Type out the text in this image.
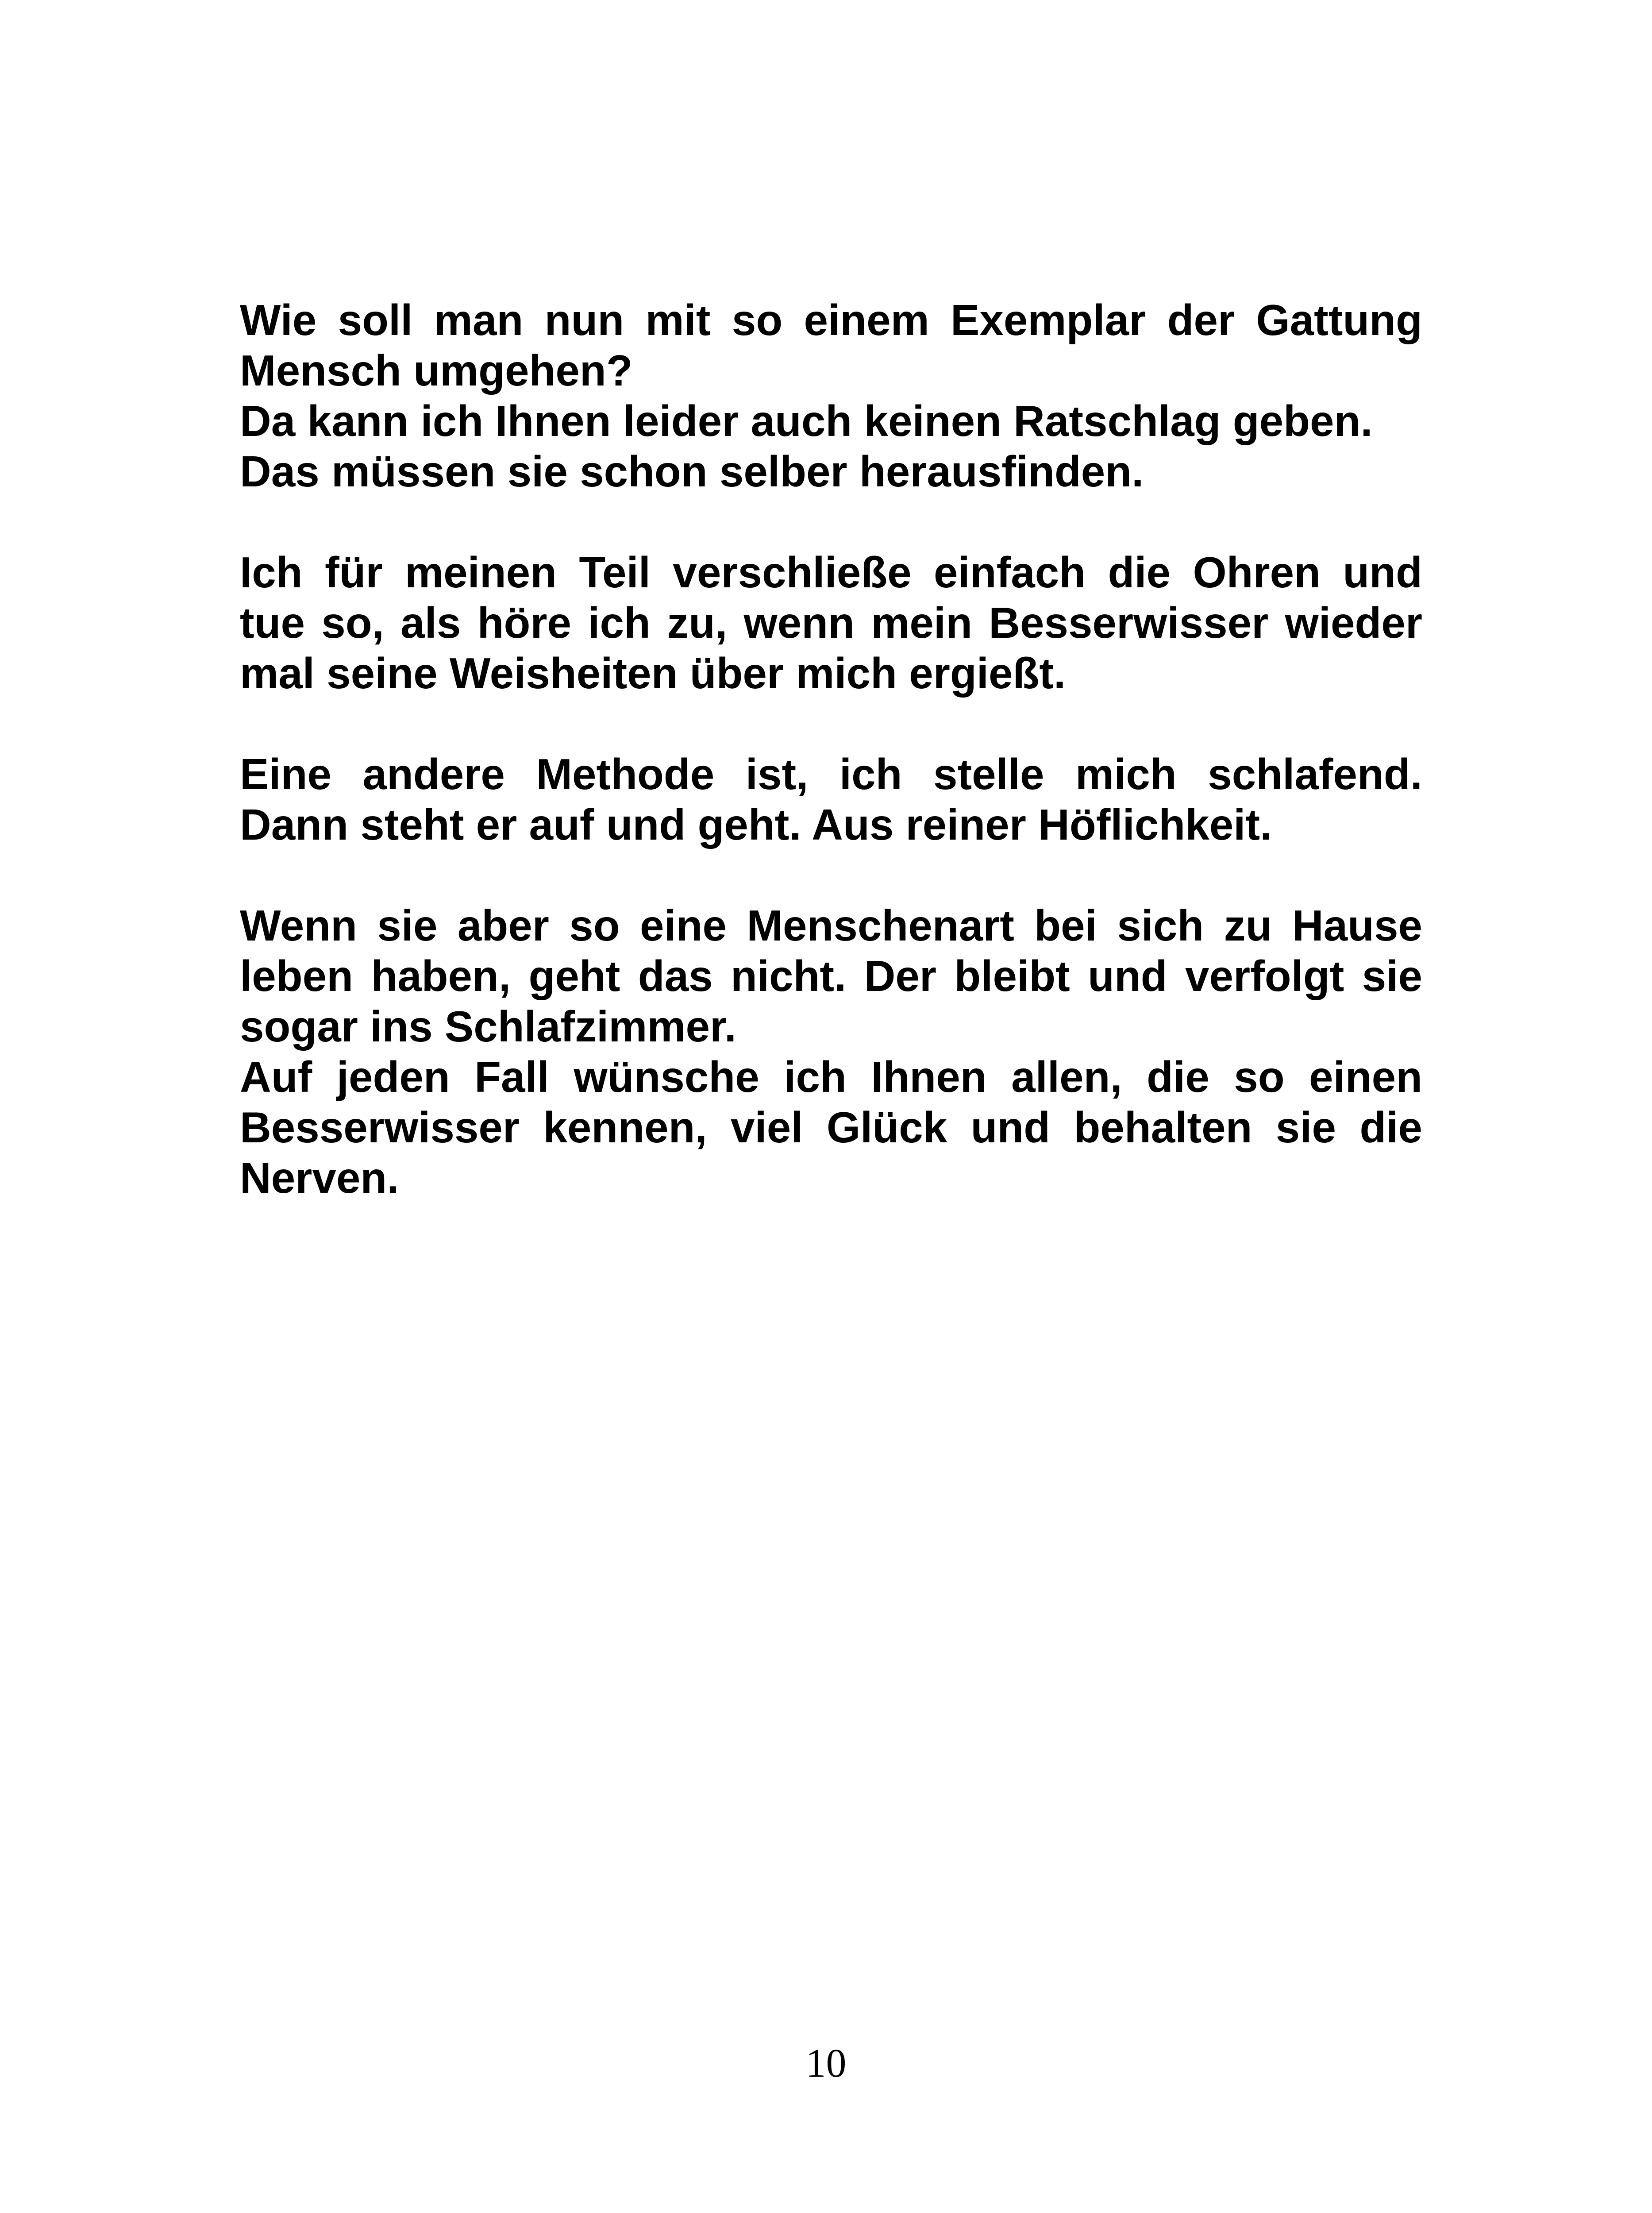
Wie soll man nun mit so einem Exemplar der Gattung
Mensch umgehen?
Da kann ich Ihnen leider auch keinen Ratschlag geben.
Das müssen sie schon selber herausfinden.
Ich für meinen Teil verschließe einfach die Ohren und
tue so, als höre ich zu, wenn mein Besserwisser wieder
mal seine Weisheiten über mich ergießt.
Eine andere Methode ist, ich stelle mich schlafend.
Dann steht er auf und geht. Aus reiner Höflichkeit.
Wenn sie aber so eine Menschenart bei sich zu Hause
leben haben, geht das nicht. Der bleibt und verfolgt sie
sogar ins Schlafzimmer.
Auf jeden Fall wünsche ich Ihnen allen, die so einen
Besserwisser kennen, viel Glück und behalten sie die
Nerven.
10
